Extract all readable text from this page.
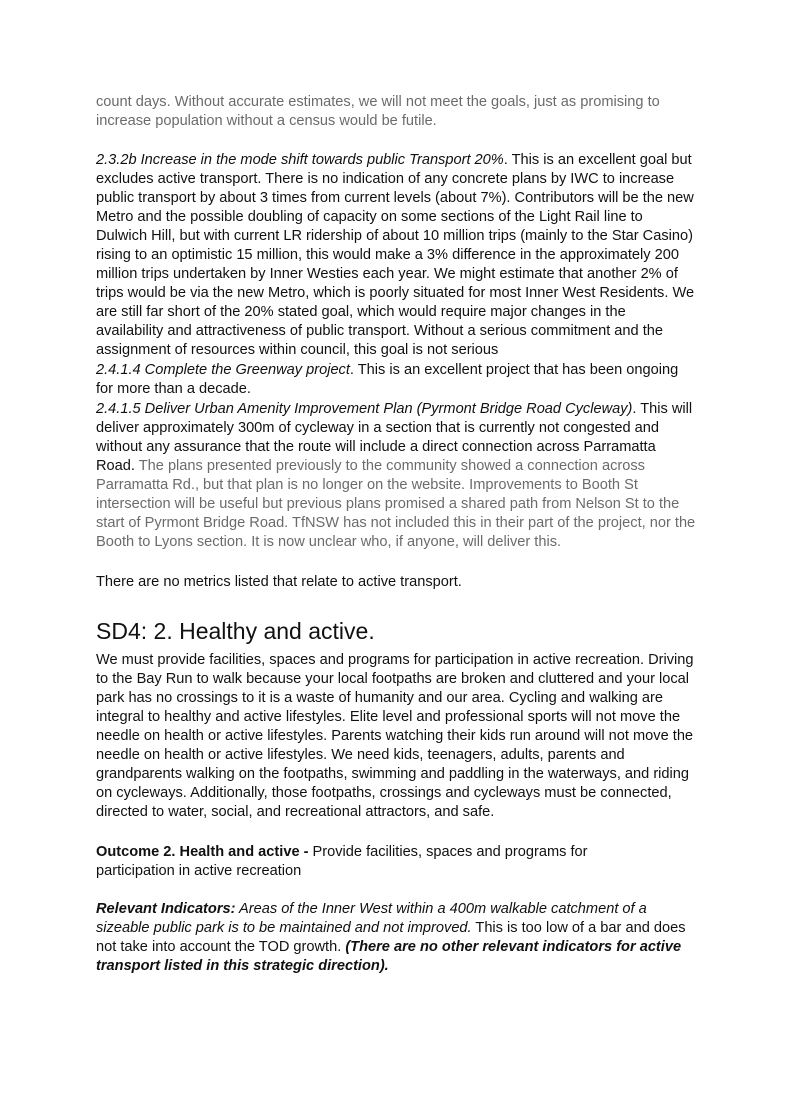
count days. Without accurate estimates, we will not meet the goals, just as promising to increase population without a census would be futile.

2.3.2b Increase in the mode shift towards public Transport 20%. This is an excellent goal but excludes active transport. There is no indication of any concrete plans by IWC to increase public transport by about 3 times from current levels (about 7%). Contributors will be the new Metro and the possible doubling of capacity on some sections of the Light Rail line to Dulwich Hill, but with current LR ridership of about 10 million trips (mainly to the Star Casino) rising to an optimistic 15 million, this would make a 3% difference in the approximately 200 million trips undertaken by Inner Westies each year. We might estimate that another 2% of trips would be via the new Metro, which is poorly situated for most Inner West Residents. We are still far short of the 20% stated goal, which would require major changes in the availability and attractiveness of public transport. Without a serious commitment and the assignment of resources within council, this goal is not serious

2.4.1.4 Complete the Greenway project. This is an excellent project that has been ongoing for more than a decade.

2.4.1.5 Deliver Urban Amenity Improvement Plan (Pyrmont Bridge Road Cycleway). This will deliver approximately 300m of cycleway in a section that is currently not congested and without any assurance that the route will include a direct connection across Parramatta Road. The plans presented previously to the community showed a connection across Parramatta Rd., but that plan is no longer on the website. Improvements to Booth St intersection will be useful but previous plans promised a shared path from Nelson St to the start of Pyrmont Bridge Road. TfNSW has not included this in their part of the project, nor the Booth to Lyons section. It is now unclear who, if anyone, will deliver this.

There are no metrics listed that relate to active transport.

SD4: 2. Healthy and active.

We must provide facilities, spaces and programs for participation in active recreation. Driving to the Bay Run to walk because your local footpaths are broken and cluttered and your local park has no crossings to it is a waste of humanity and our area. Cycling and walking are integral to healthy and active lifestyles. Elite level and professional sports will not move the needle on health or active lifestyles. Parents watching their kids run around will not move the needle on health or active lifestyles. We need kids, teenagers, adults, parents and grandparents walking on the footpaths, swimming and paddling in the waterways, and riding on cycleways. Additionally, those footpaths, crossings and cycleways must be connected, directed to water, social, and recreational attractors, and safe.

Outcome 2. Health and active - Provide facilities, spaces and programs for participation in active recreation

Relevant Indicators: Areas of the Inner West within a 400m walkable catchment of a sizeable public park is to be maintained and not improved. This is too low of a bar and does not take into account the TOD growth. (There are no other relevant indicators for active transport listed in this strategic direction).
